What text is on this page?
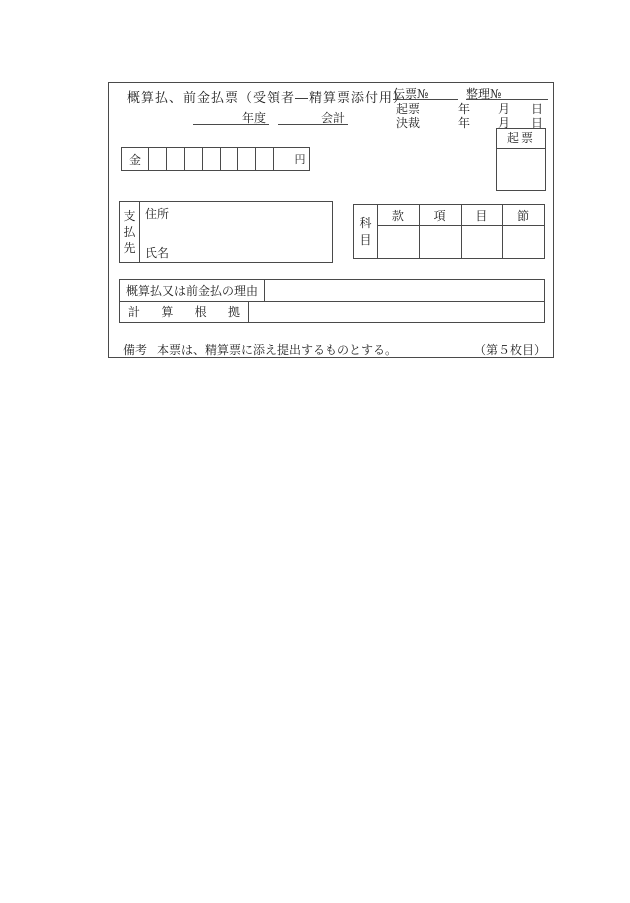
概算払、前金払票（受領者―精算票添付用）
伝票№	整理№
起票	年 月 日
決裁	年 月 日
年度	会計
起票
金	円
支
払
先
住所
氏名
科
目
款	項	目	節
概算払又は前金払の理由
計 算 根 拠
備考 本票は、精算票に添え提出するものとする。	（第５枚目）
